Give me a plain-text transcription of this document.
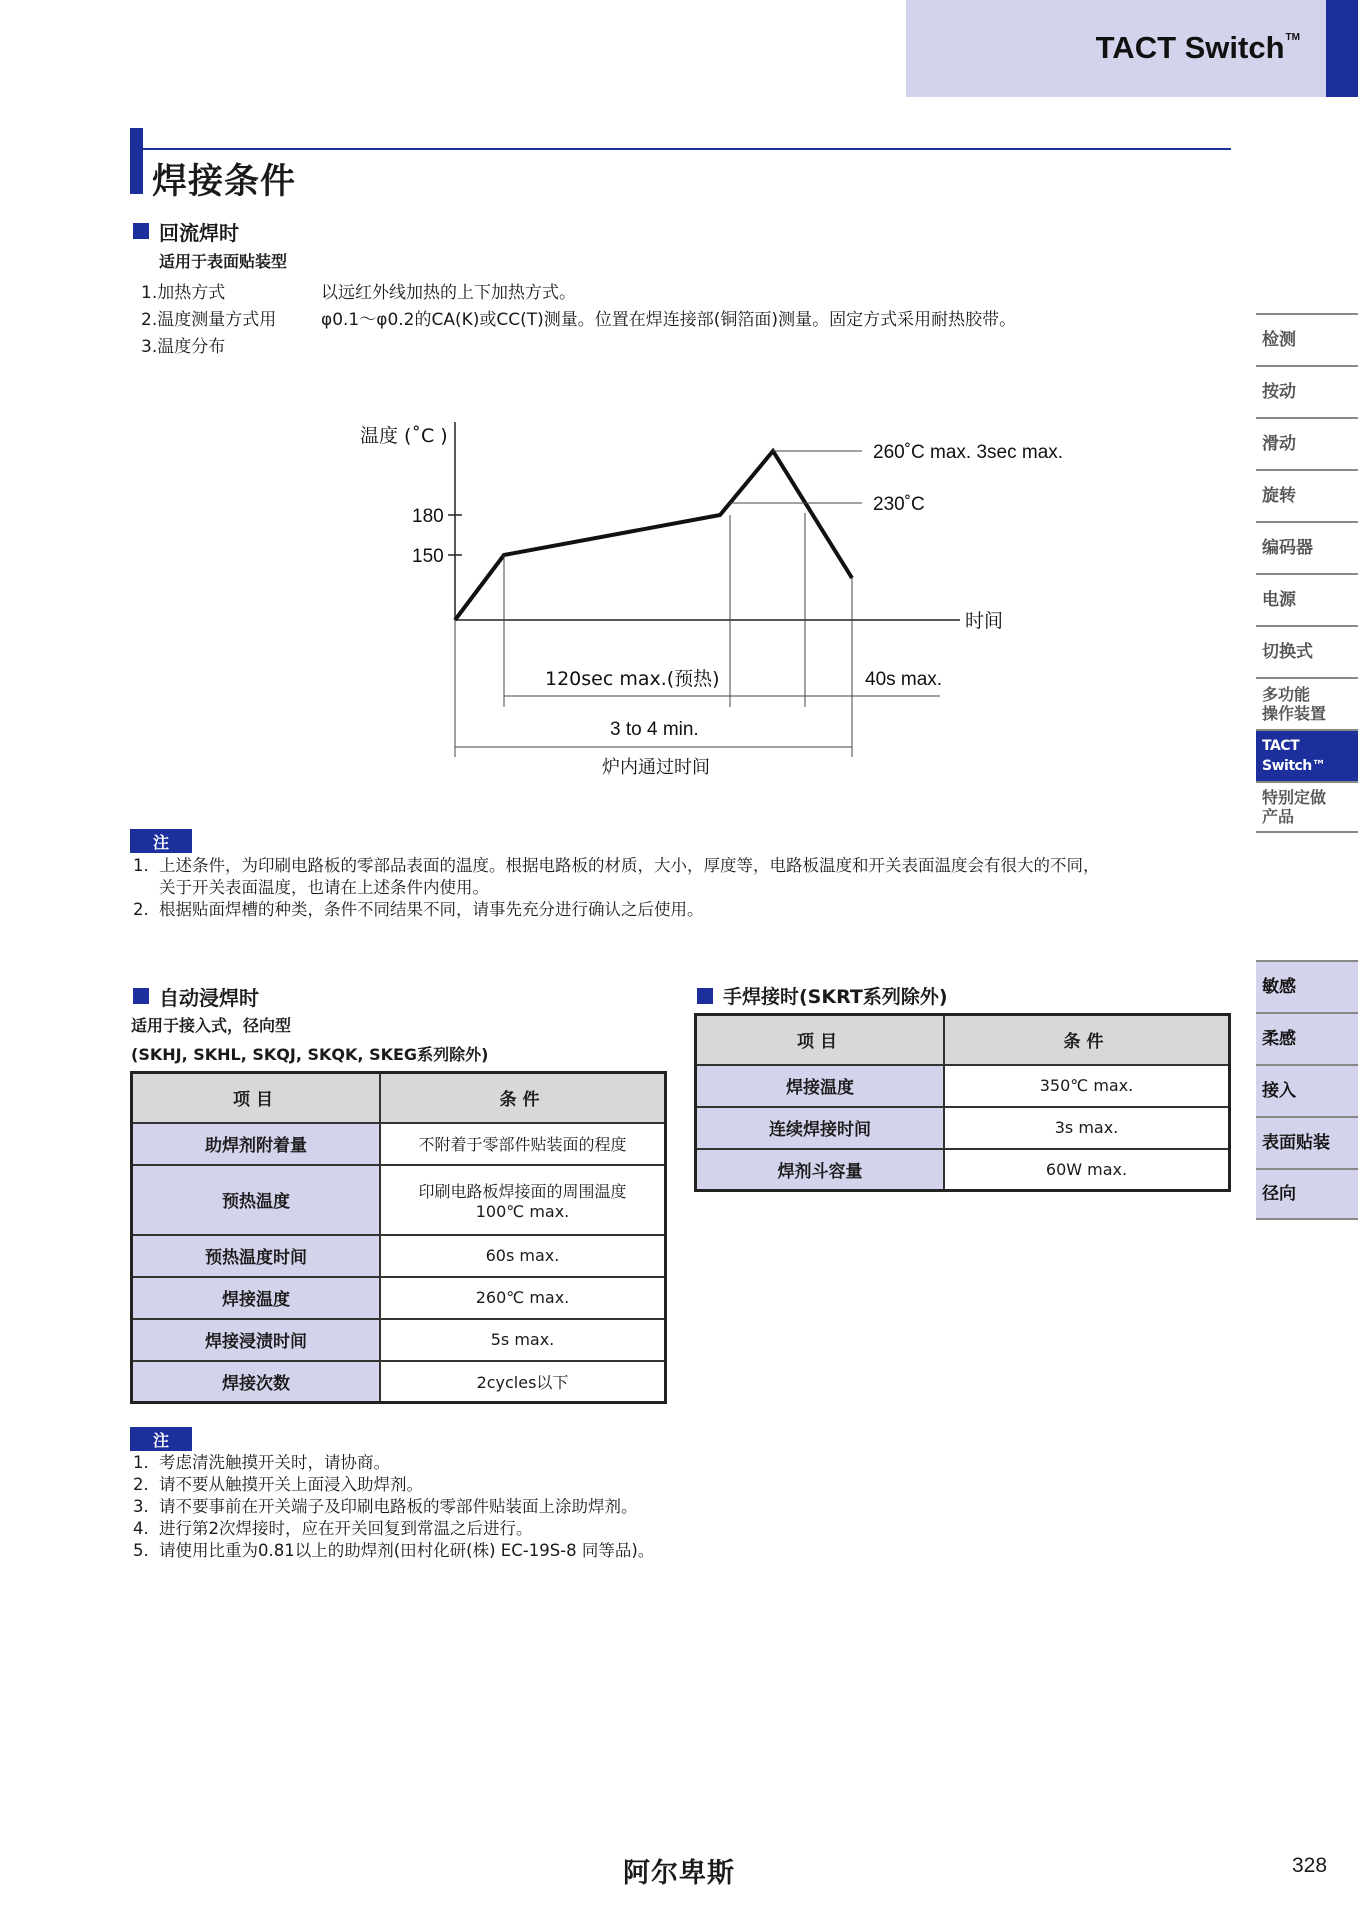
TACT Switch™
焊接条件
回流焊时
适用于表面贴装型
1.加热方式	以远红外线加热的上下加热方式。
2.温度测量方式用	φ0.1～φ0.2的CA(K)或CC(T)测量。位置在焊连接部(铜箔面)测量。固定方式采用耐热胶带。
3.温度分布
温度 (˚C )
180
150
260˚C max. 3sec max.
230˚C
时间
120sec max.(预热)	40s max.
3 to 4 min.
炉内通过时间
注
1. 上述条件，为印刷电路板的零部品表面的温度。根据电路板的材质，大小，厚度等，电路板温度和开关表面温度会有很大的不同，
关于开关表面温度，也请在上述条件内使用。
2. 根据贴面焊槽的种类，条件不同结果不同，请事先充分进行确认之后使用。
自动浸焊时
适用于接入式，径向型
(SKHJ, SKHL, SKQJ, SKQK, SKEG系列除外)
项目	条件
助焊剂附着量	不附着于零部件贴装面的程度
预热温度	印刷电路板焊接面的周围温度
100℃ max.

预热温度时间	60s max.
焊接温度	260℃ max.
焊接浸渍时间	5s max.
焊接次数	2cycles以下
手焊接时(SKRT系列除外)
项目	条件
焊接温度	350℃ max.
连续焊接时间	3s max.
焊剂斗容量	60W max.
注
1. 考虑清洗触摸开关时，请协商。
2. 请不要从触摸开关上面浸入助焊剂。
3. 请不要事前在开关端子及印刷电路板的零部件贴装面上涂助焊剂。
4. 进行第2次焊接时，应在开关回复到常温之后进行。
5. 请使用比重为0.81以上的助焊剂(田村化研(株) EC-19S-8 同等品)。
检测
按动
滑动
旋转
编码器
电源
切换式
多功能
操作装置
TACT Switch™
特别定做
产品
敏感
柔感
接入
表面贴装
径向
阿尔卑斯	328
